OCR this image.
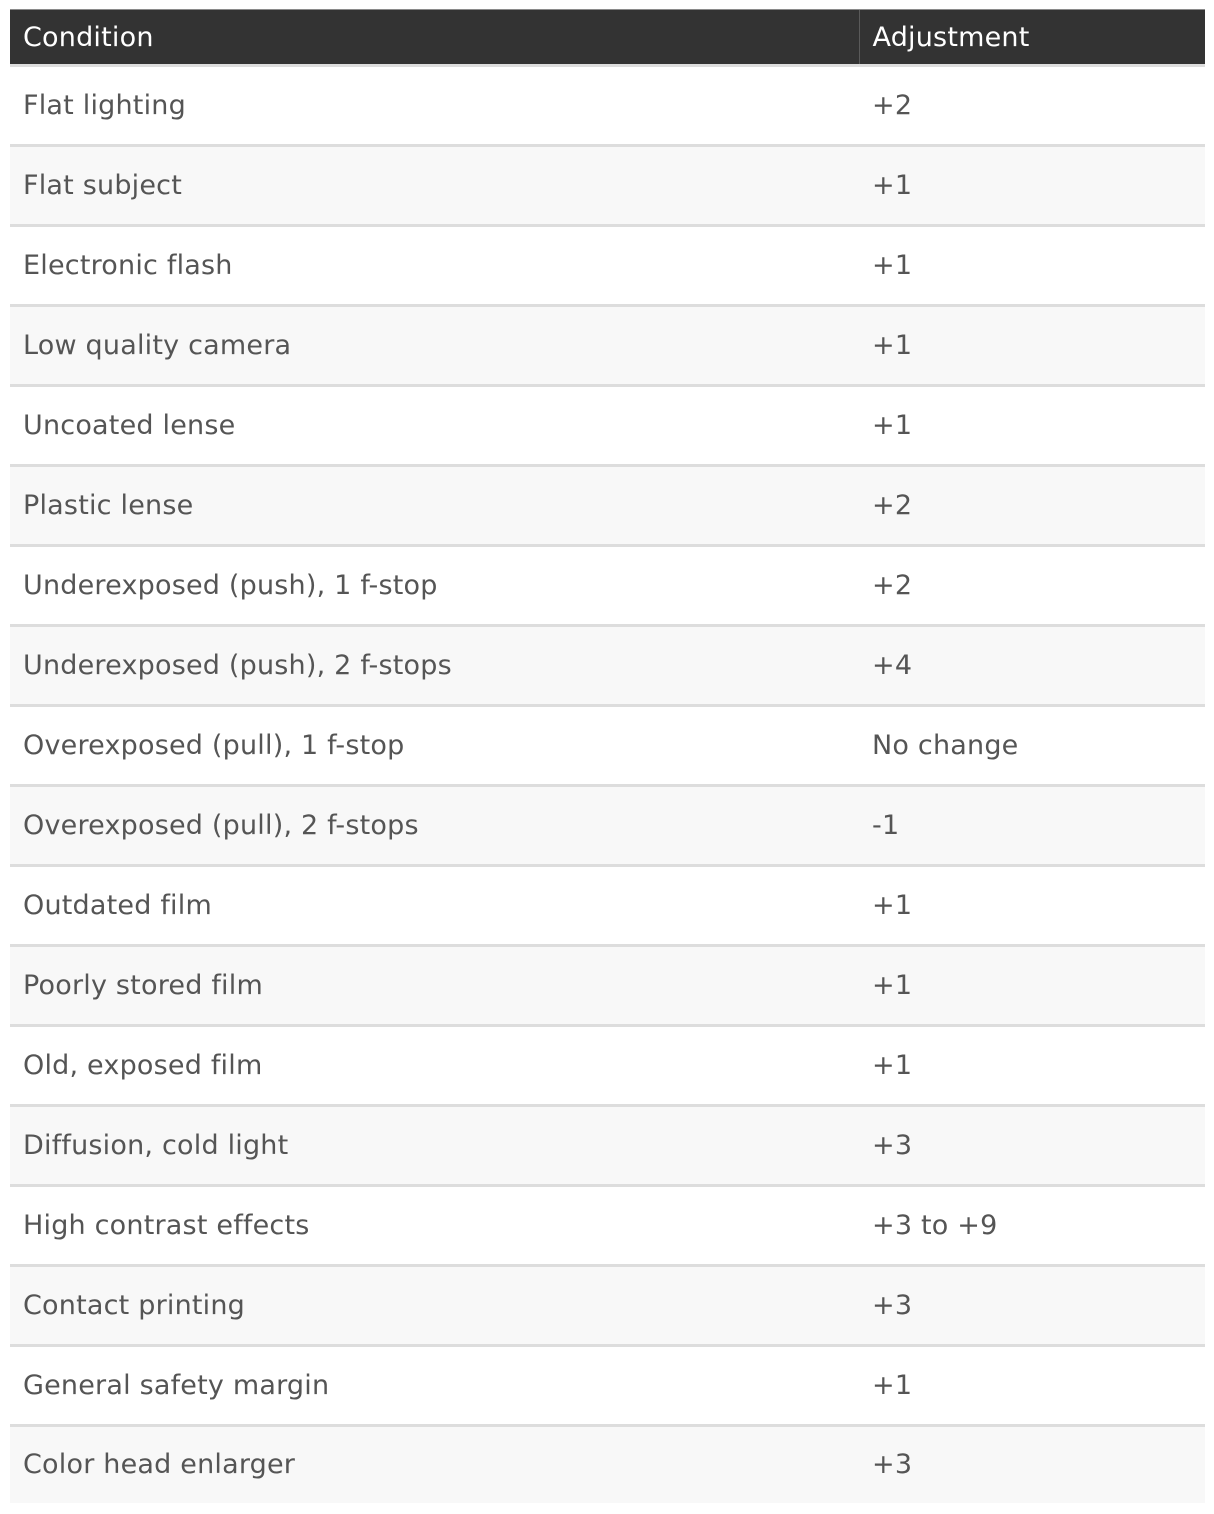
Condition	Adjustment
Flat lighting	+2
Flat subject	+1
Electronic flash	+1
Low quality camera	+1
Uncoated lense	+1
Plastic lense	+2
Underexposed (push), 1 f-stop	+2
Underexposed (push), 2 f-stops	+4
Overexposed (pull), 1 f-stop	No change
Overexposed (pull), 2 f-stops	-1
Outdated film	+1
Poorly stored film	+1
Old, exposed film	+1
Diffusion, cold light	+3
High contrast effects	+3 to +9
Contact printing	+3
General safety margin	+1
Color head enlarger	+3
